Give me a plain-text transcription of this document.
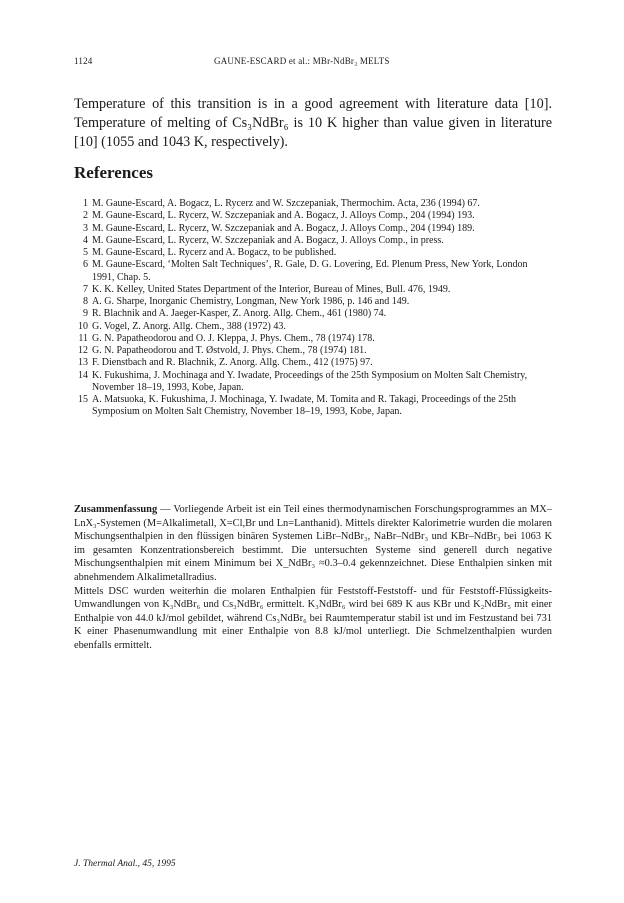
1124	GAUNE-ESCARD et al.: MBr-NdBr₃ MELTS

Temperature of this transition is in a good agreement with literature data [10]. Temperature of melting of Cs₃NdBr₆ is 10 K higher than value given in literature [10] (1055 and 1043 K, respectively).

References
1 M. Gaune-Escard, A. Bogacz, L. Rycerz and W. Szczepaniak, Thermochim. Acta, 236 (1994) 67.
2 M. Gaune-Escard, L. Rycerz, W. Szczepaniak and A. Bogacz, J. Alloys Comp., 204 (1994) 193.
3 M. Gaune-Escard, L. Rycerz, W. Szczepaniak and A. Bogacz, J. Alloys Comp., 204 (1994) 189.
4 M. Gaune-Escard, L. Rycerz, W. Szczepaniak and A. Bogacz, J. Alloys Comp., in press.
5 M. Gaune-Escard, L. Rycerz and A. Bogacz, to be published.
6 M. Gaune-Escard, ‘Molten Salt Techniques’, R. Gale, D. G. Lovering, Ed. Plenum Press, New York, London 1991, Chap. 5.
7 K. K. Kelley, United States Department of the Interior, Bureau of Mines, Bull. 476, 1949.
8 A. G. Sharpe, Inorganic Chemistry, Longman, New York 1986, p. 146 and 149.
9 R. Blachnik and A. Jaeger-Kasper, Z. Anorg. Allg. Chem., 461 (1980) 74.
10 G. Vogel, Z. Anorg. Allg. Chem., 388 (1972) 43.
11 G. N. Papatheodorou and O. J. Kleppa, J. Phys. Chem., 78 (1974) 178.
12 G. N. Papatheodorou and T. Østvold, J. Phys. Chem., 78 (1974) 181.
13 F. Dienstbach and R. Blachnik, Z. Anorg. Allg. Chem., 412 (1975) 97.
14 K. Fukushima, J. Mochinaga and Y. Iwadate, Proceedings of the 25th Symposium on Molten Salt Chemistry, November 18–19, 1993, Kobe, Japan.
15 A. Matsuoka, K. Fukushima, J. Mochinaga, Y. Iwadate, M. Tomita and R. Takagi, Proceedings of the 25th Symposium on Molten Salt Chemistry, November 18–19, 1993, Kobe, Japan.

Zusammenfassung — Vorliegende Arbeit ist ein Teil eines thermodynamischen Forschungsprogrammes an MX–LnX₃-Systemen (M=Alkalimetall, X=Cl,Br und Ln=Lanthanid). Mittels direkter Kalorimetrie wurden die molaren Mischungsenthalpien in den flüssigen binären Systemen LiBr–NdBr₃, NaBr–NdBr₃ und KBr–NdBr₃ bei 1063 K im gesamten Konzentrationsbereich bestimmt. Die untersuchten Systeme sind generell durch negative Mischungsenthalpien mit einem Minimum bei X_NdBr₃ ≈0.3–0.4 gekennzeichnet. Diese Enthalpien sinken mit abnehmendem Alkalimetallradius.

Mittels DSC wurden weiterhin die molaren Enthalpien für Feststoff-Feststoff- und für Feststoff-Flüssigkeits-Umwandlungen von K₃NdBr₆ und Cs₃NdBr₆ ermittelt. K₃NdBr₆ wird bei 689 K aus KBr und K₂NdBr₅ mit einer Enthalpie von 44.0 kJ/mol gebildet, während Cs₃NdBr₆ bei Raumtemperatur stabil ist und im Festzustand bei 731 K einer Phasenumwandlung mit einer Enthalpie von 8.8 kJ/mol unterliegt. Die Schmelzenthalpien wurden ebenfalls ermittelt.

J. Thermal Anal., 45, 1995
